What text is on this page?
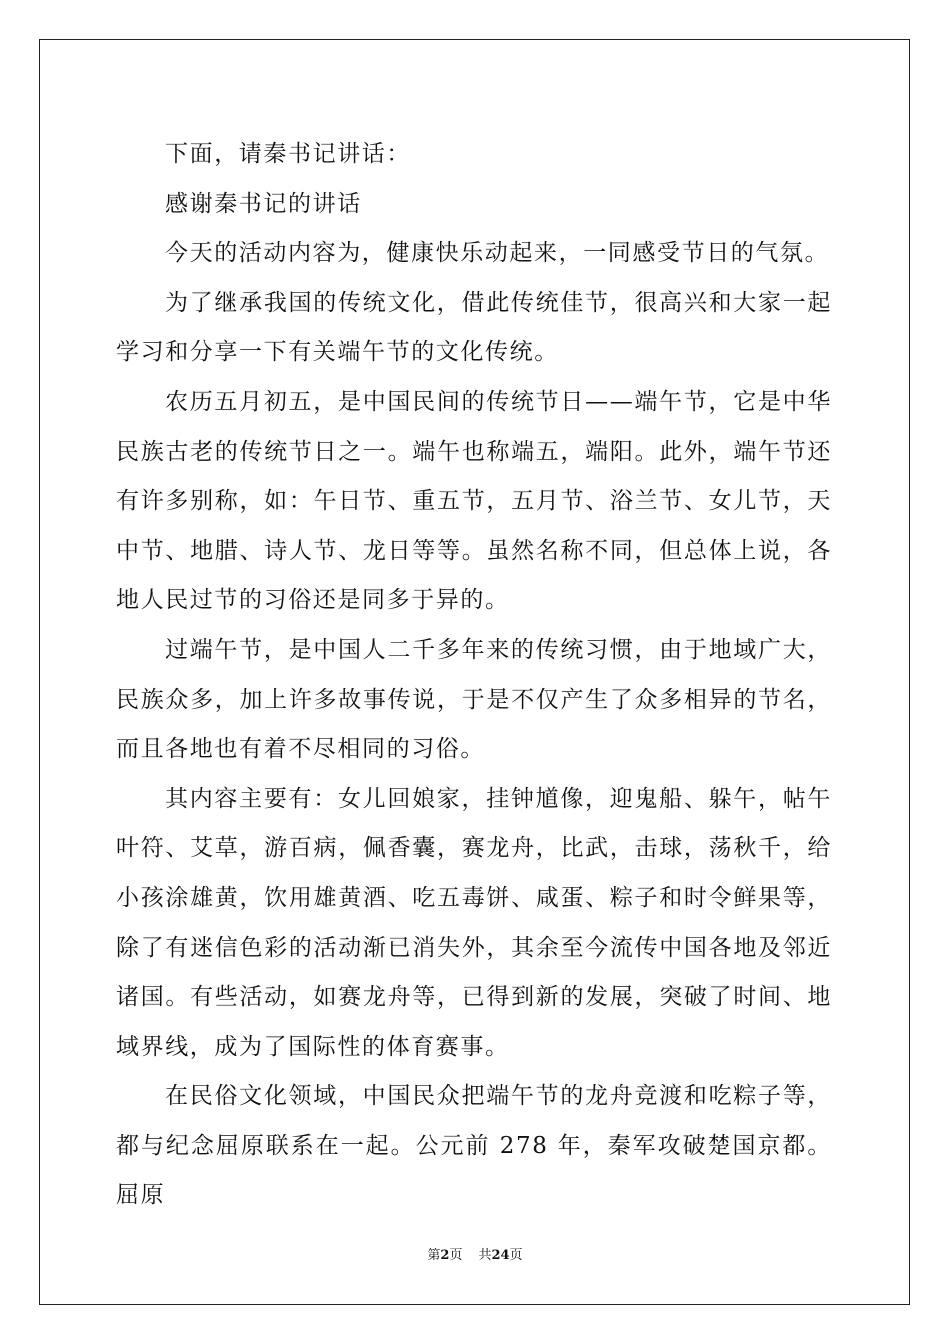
下面，请秦书记讲话：

感谢秦书记的讲话

今天的活动内容为，健康快乐动起来，一同感受节日的气氛。

为了继承我国的传统文化，借此传统佳节，很高兴和大家一起学习和分享一下有关端午节的文化传统。

农历五月初五，是中国民间的传统节日——端午节，它是中华民族古老的传统节日之一。端午也称端五，端阳。此外，端午节还有许多别称，如：午日节、重五节，五月节、浴兰节、女儿节，天中节、地腊、诗人节、龙日等等。虽然名称不同，但总体上说，各地人民过节的习俗还是同多于异的。

过端午节，是中国人二千多年来的传统习惯，由于地域广大，民族众多，加上许多故事传说，于是不仅产生了众多相异的节名，而且各地也有着不尽相同的习俗。

其内容主要有：女儿回娘家，挂钟馗像，迎鬼船、躲午，帖午叶符、艾草，游百病，佩香囊，赛龙舟，比武，击球，荡秋千，给小孩涂雄黄，饮用雄黄酒、吃五毒饼、咸蛋、粽子和时令鲜果等，除了有迷信色彩的活动渐已消失外，其余至今流传中国各地及邻近诸国。有些活动，如赛龙舟等，已得到新的发展，突破了时间、地域界线，成为了国际性的体育赛事。

在民俗文化领域，中国民众把端午节的龙舟竞渡和吃粽子等，都与纪念屈原联系在一起。公元前 278 年，秦军攻破楚国京都。屈原

第2页 共24页
